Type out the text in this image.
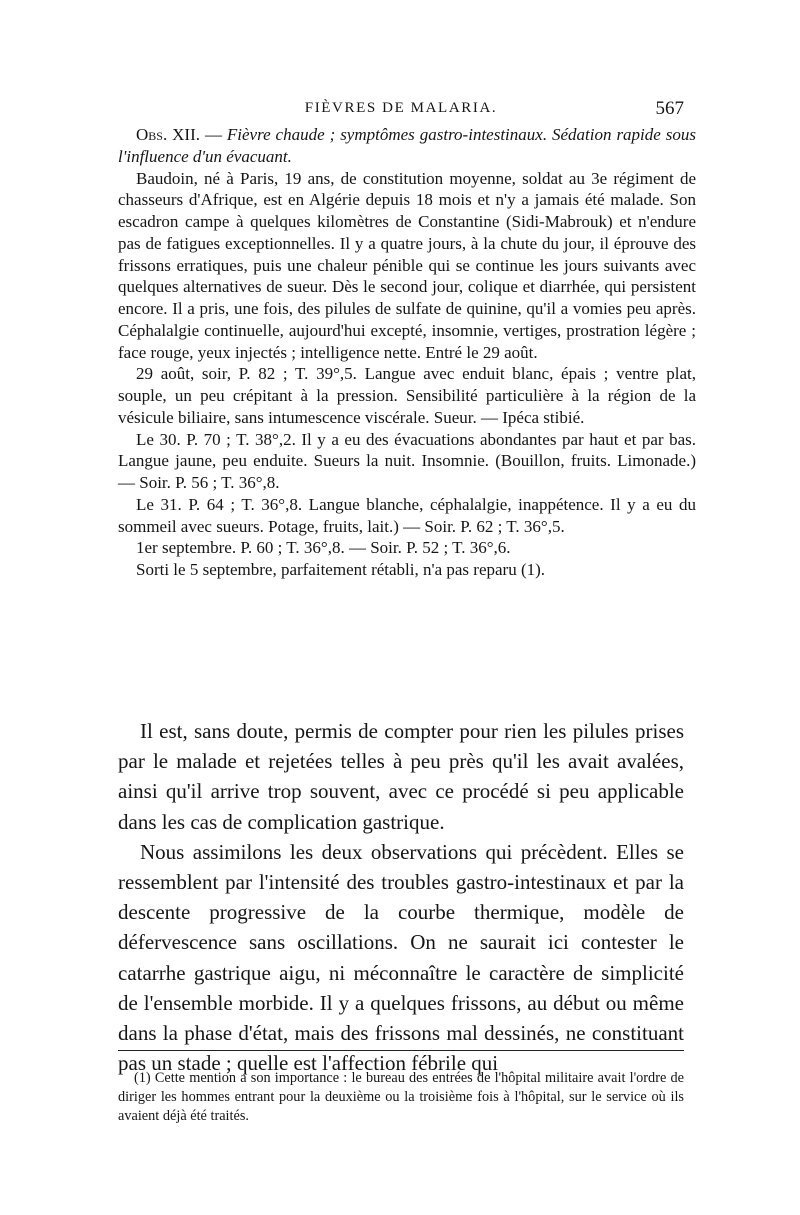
FIÈVRES DE MALARIA.	567

Obs. XII. — Fièvre chaude ; symptômes gastro-intestinaux. Sédation rapide sous l'influence d'un évacuant.

Baudoin, né à Paris, 19 ans, de constitution moyenne, soldat au 3e régiment de chasseurs d'Afrique, est en Algérie depuis 18 mois et n'y a jamais été malade. Son escadron campe à quelques kilomètres de Constantine (Sidi-Mabrouk) et n'endure pas de fatigues exceptionnelles. Il y a quatre jours, à la chute du jour, il éprouve des frissons erratiques, puis une chaleur pénible qui se continue les jours suivants avec quelques alternatives de sueur. Dès le second jour, colique et diarrhée, qui persistent encore. Il a pris, une fois, des pilules de sulfate de quinine, qu'il a vomies peu après. Céphalalgie continuelle, aujourd'hui excepté, insomnie, vertiges, prostration légère ; face rouge, yeux injectés ; intelligence nette. Entré le 29 août.

29 août, soir, P. 82 ; T. 39°,5. Langue avec enduit blanc, épais ; ventre plat, souple, un peu crépitant à la pression. Sensibilité particulière à la région de la vésicule biliaire, sans intumescence viscérale. Sueur. — Ipéca stibié.

Le 30. P. 70 ; T. 38°,2. Il y a eu des évacuations abondantes par haut et par bas. Langue jaune, peu enduite. Sueurs la nuit. Insomnie. (Bouillon, fruits. Limonade.) — Soir. P. 56 ; T. 36°,8.

Le 31. P. 64 ; T. 36°,8. Langue blanche, céphalalgie, inappétence. Il y a eu du sommeil avec sueurs. Potage, fruits, lait.) — Soir. P. 62 ; T. 36°,5.

1er septembre. P. 60 ; T. 36°,8. — Soir. P. 52 ; T. 36°,6.

Sorti le 5 septembre, parfaitement rétabli, n'a pas reparu (1).

Il est, sans doute, permis de compter pour rien les pilules prises par le malade et rejetées telles à peu près qu'il les avait avalées, ainsi qu'il arrive trop souvent, avec ce procédé si peu applicable dans les cas de complication gastrique.

Nous assimilons les deux observations qui précèdent. Elles se ressemblent par l'intensité des troubles gastro-intestinaux et par la descente progressive de la courbe thermique, modèle de défervescence sans oscillations. On ne saurait ici contester le catarrhe gastrique aigu, ni méconnaître le caractère de simplicité de l'ensemble morbide. Il y a quelques frissons, au début ou même dans la phase d'état, mais des frissons mal dessinés, ne constituant pas un stade ; quelle est l'affection fébrile qui

(1) Cette mention a son importance : le bureau des entrées de l'hôpital militaire avait l'ordre de diriger les hommes entrant pour la deuxième ou la troisième fois à l'hôpital, sur le service où ils avaient déjà été traités.
